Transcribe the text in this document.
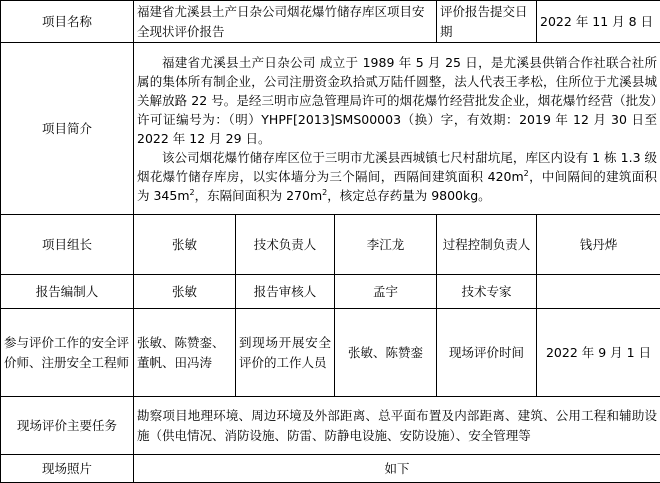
项目名称	福建省尤溪县土产日杂公司烟花爆竹储存库区项目安全现状评价报告			评价报告提交日期	2022 年 11 月 8 日
项目简介	福建省尤溪县土产日杂公司 成立于 1989 年 5 月 25 日，是尤溪县供销合作社联合社所属的集体所有制企业，公司注册资金玖拾贰万陆仟圆整，法人代表王孝松，住所位于尤溪县城关解放路 22 号。是经三明市应急管理局许可的烟花爆竹经营批发企业，烟花爆竹经营（批发）许可证编号为：（明）YHPF[2013]SMS00003（换）字，有效期：2019 年 12 月 30 日至 2022 年 12 月 29 日。

该公司烟花爆竹储存库区位于三明市尤溪县西城镇七尺村甜坑尾，库区内设有 1 栋 1.3 级烟花爆竹储存库房，以实体墙分为三个隔间，西隔间建筑面积 $420m^2$，中间隔间的建筑面积为 $345m^2$，东隔间面积为 $270m^2$，核定总存药量为 9800kg。				

项目组长	张敏	技术负责人	李江龙	过程控制负责人	钱丹烨
报告编制人	张敏	报告审核人	孟宇	技术专家	
参与评价工作的安全评价师、注册安全工程师	张敏、陈赞銮、董帆、田冯涛	到现场开展安全评价的工作人员	张敏、陈赞銮	现场评价时间	2022 年 9 月 1 日
现场评价主要任务	勘察项目地理环境、周边环境及外部距离、总平面布置及内部距离、建筑、公用工程和辅助设施（供电情况、消防设施、防雷、防静电设施、安防设施）、安全管理等				
现场照片	如下				
